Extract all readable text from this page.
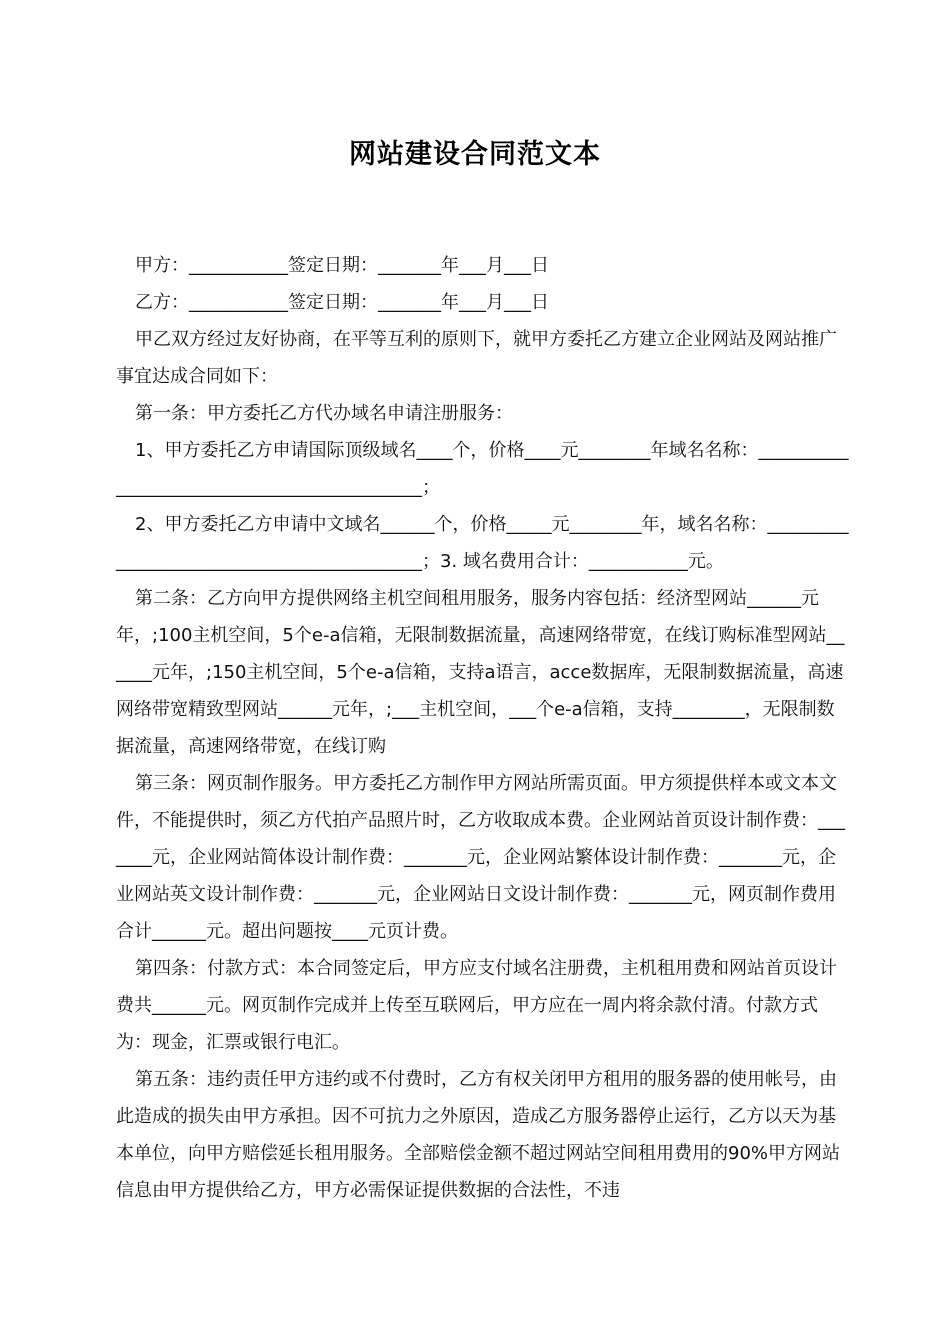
网站建设合同范文本

甲方：___________签定日期：_______年___月___日

乙方：___________签定日期：_______年___月___日

甲乙双方经过友好协商，在平等互利的原则下，就甲方委托乙方建立企业网站及网站推广事宜达成合同如下：

第一条：甲方委托乙方代办域名申请注册服务：

1、甲方委托乙方申请国际顶级域名____个，价格____元________年域名名称：____________________________________________；

2、甲方委托乙方申请中文域名______个，价格_____元________年，域名名称：___________________________________________；3. 域名费用合计：___________元。

第二条：乙方向甲方提供网络主机空间租用服务，服务内容包括：经济型网站______元年，;100主机空间，5个e-a信箱，无限制数据流量，高速网络带宽，在线订购标准型网站______元年，;150主机空间，5个e-a信箱，支持a语言，acce数据库，无限制数据流量，高速网络带宽精致型网站______元年，;___主机空间，___个e-a信箱，支持________，无限制数据流量，高速网络带宽，在线订购

第三条：网页制作服务。甲方委托乙方制作甲方网站所需页面。甲方须提供样本或文本文件，不能提供时，须乙方代拍产品照片时，乙方收取成本费。企业网站首页设计制作费：_______元，企业网站简体设计制作费：_______元，企业网站繁体设计制作费：_______元，企业网站英文设计制作费：_______元，企业网站日文设计制作费：_______元，网页制作费用合计______元。超出问题按____元页计费。

第四条：付款方式：本合同签定后，甲方应支付域名注册费，主机租用费和网站首页设计费共______元。网页制作完成并上传至互联网后，甲方应在一周内将余款付清。付款方式为：现金，汇票或银行电汇。

第五条：违约责任甲方违约或不付费时，乙方有权关闭甲方租用的服务器的使用帐号，由此造成的损失由甲方承担。因不可抗力之外原因，造成乙方服务器停止运行，乙方以天为基本单位，向甲方赔偿延长租用服务。全部赔偿金额不超过网站空间租用费用的90%甲方网站信息由甲方提供给乙方，甲方必需保证提供数据的合法性，不违
